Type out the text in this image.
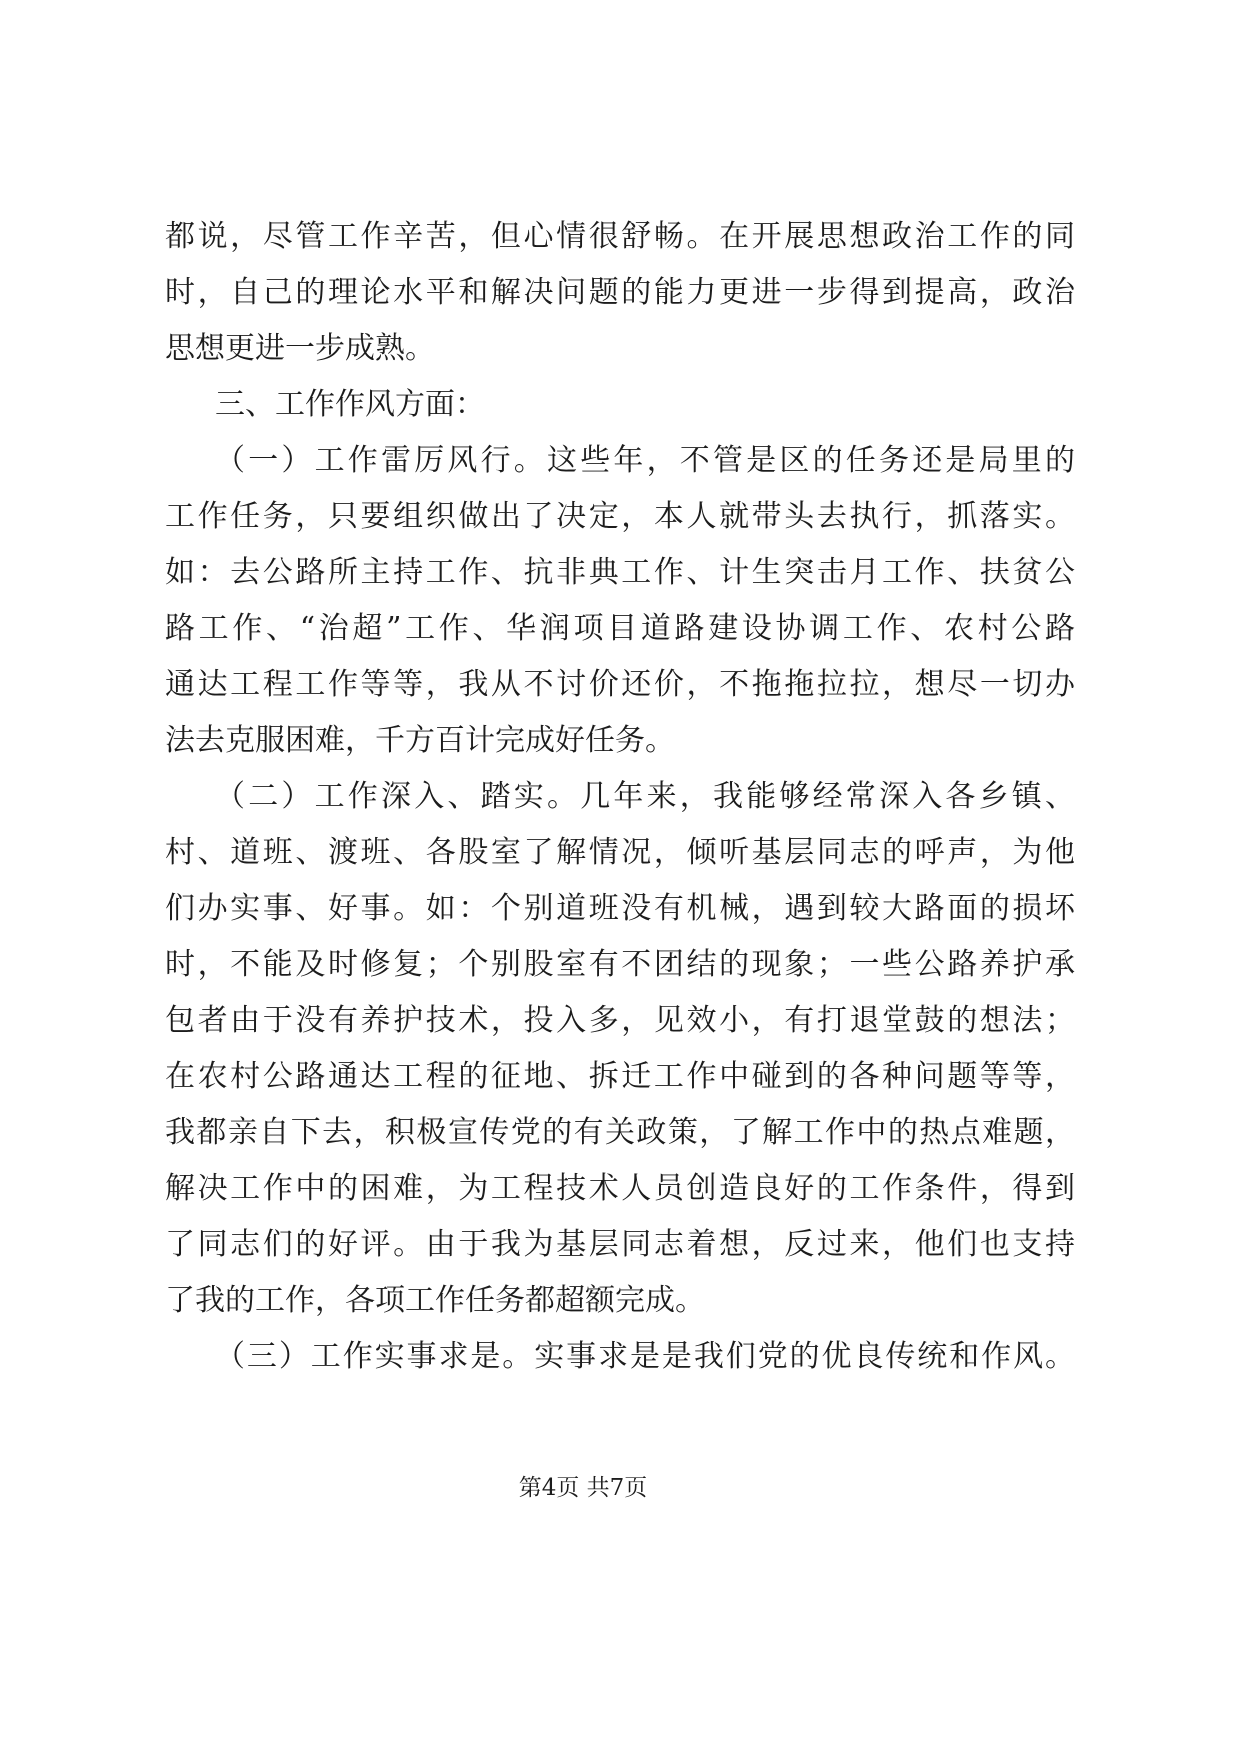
都说，尽管工作辛苦，但心情很舒畅。在开展思想政治工作的同
时，自己的理论水平和解决问题的能力更进一步得到提高，政治
思想更进一步成熟。
三、工作作风方面：
（一）工作雷厉风行。这些年，不管是区的任务还是局里的
工作任务，只要组织做出了决定，本人就带头去执行，抓落实。
如：去公路所主持工作、抗非典工作、计生突击月工作、扶贫公
路工作、“治超”工作、华润项目道路建设协调工作、农村公路
通达工程工作等等，我从不讨价还价，不拖拖拉拉，想尽一切办
法去克服困难，千方百计完成好任务。
（二）工作深入、踏实。几年来，我能够经常深入各乡镇、
村、道班、渡班、各股室了解情况，倾听基层同志的呼声，为他
们办实事、好事。如：个别道班没有机械，遇到较大路面的损坏
时，不能及时修复；个别股室有不团结的现象；一些公路养护承
包者由于没有养护技术，投入多，见效小，有打退堂鼓的想法；
在农村公路通达工程的征地、拆迁工作中碰到的各种问题等等，
我都亲自下去，积极宣传党的有关政策，了解工作中的热点难题，
解决工作中的困难，为工程技术人员创造良好的工作条件，得到
了同志们的好评。由于我为基层同志着想，反过来，他们也支持
了我的工作，各项工作任务都超额完成。
（三）工作实事求是。实事求是是我们党的优良传统和作风。
第4页 共7页
